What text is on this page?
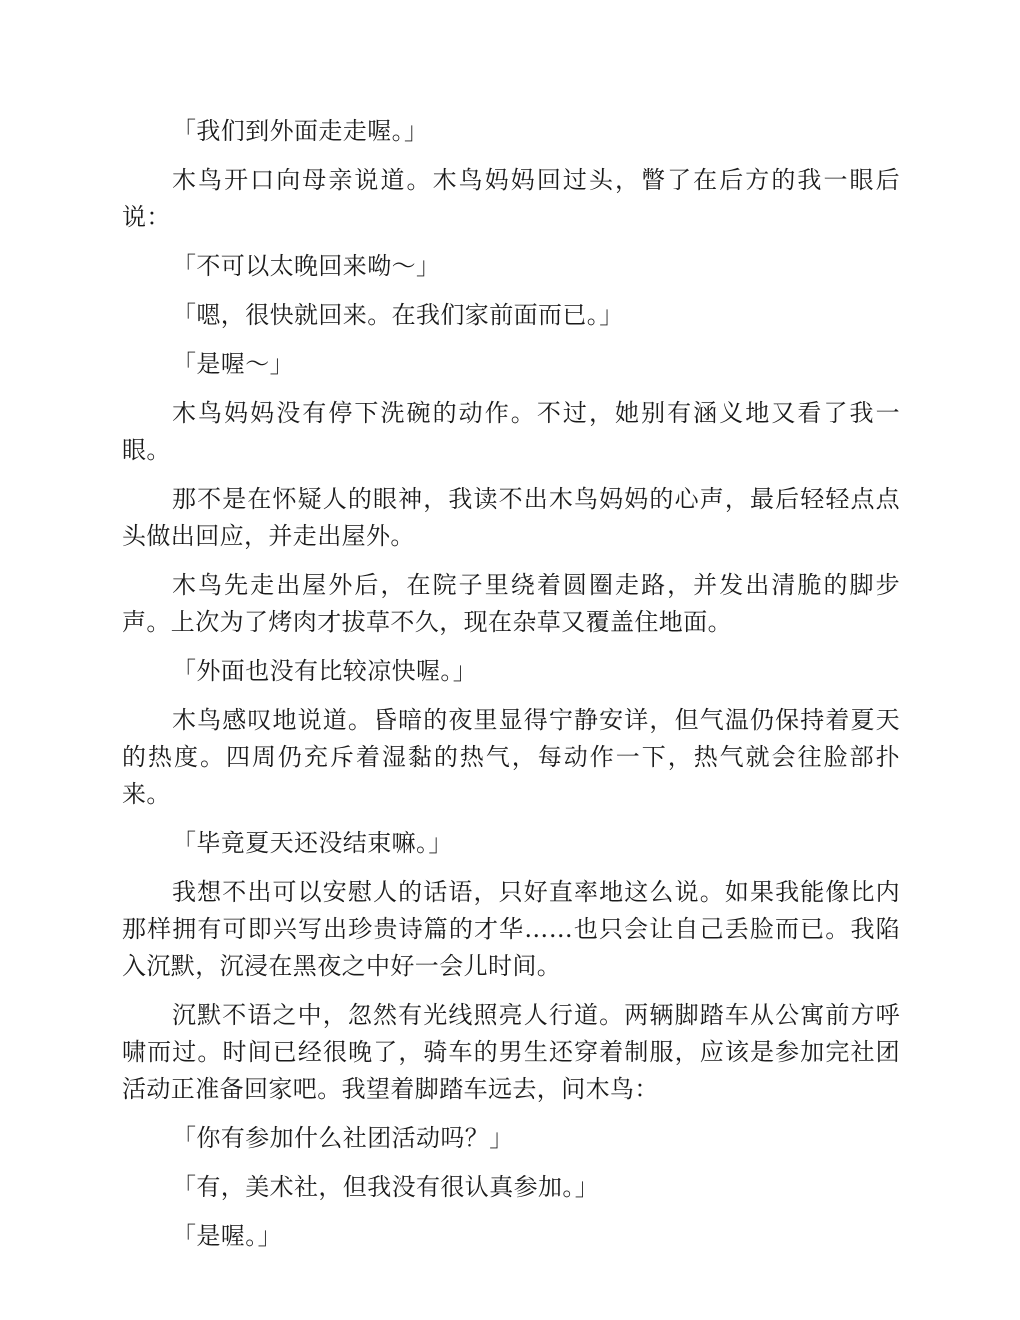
「我们到外面走走喔。」

木鸟开口向母亲说道。木鸟妈妈回过头，瞥了在后方的我一眼后说：

「不可以太晚回来呦～」

「嗯，很快就回来。在我们家前面而已。」

「是喔～」

木鸟妈妈没有停下洗碗的动作。不过，她别有涵义地又看了我一眼。

那不是在怀疑人的眼神，我读不出木鸟妈妈的心声，最后轻轻点点头做出回应，并走出屋外。

木鸟先走出屋外后，在院子里绕着圆圈走路，并发出清脆的脚步声。上次为了烤肉才拔草不久，现在杂草又覆盖住地面。

「外面也没有比较凉快喔。」

木鸟感叹地说道。昏暗的夜里显得宁静安详，但气温仍保持着夏天的热度。四周仍充斥着湿黏的热气，每动作一下，热气就会往脸部扑来。

「毕竟夏天还没结束嘛。」

我想不出可以安慰人的话语，只好直率地这么说。如果我能像比内那样拥有可即兴写出珍贵诗篇的才华……也只会让自己丢脸而已。我陷入沉默，沉浸在黑夜之中好一会儿时间。

沉默不语之中，忽然有光线照亮人行道。两辆脚踏车从公寓前方呼啸而过。时间已经很晚了，骑车的男生还穿着制服，应该是参加完社团活动正准备回家吧。我望着脚踏车远去，问木鸟：

「你有参加什么社团活动吗？」

「有，美术社，但我没有很认真参加。」

「是喔。」
